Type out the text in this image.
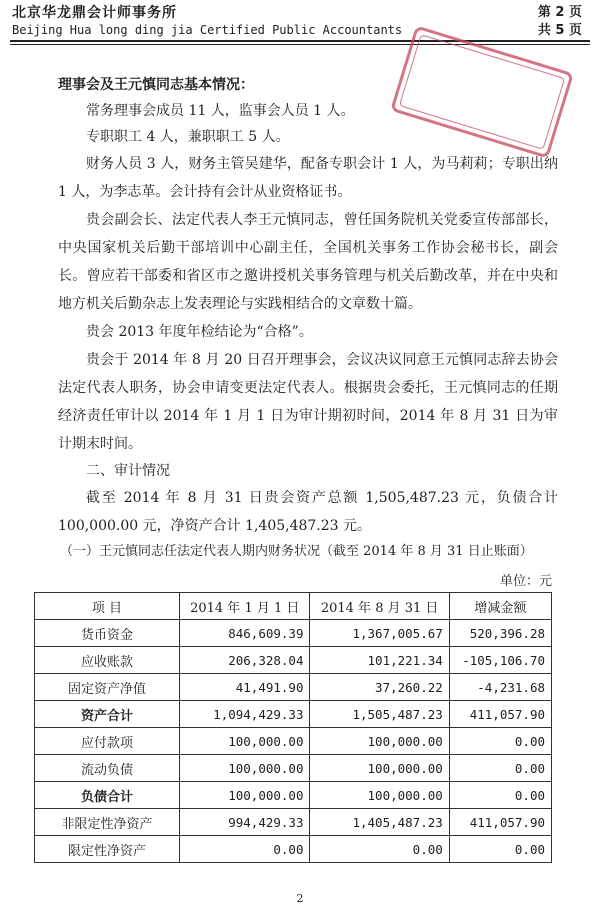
北京华龙鼎会计师事务所
Beijing Hua long ding jia Certified Public Accountants
第 2 页
共 5 页
理事会及王元慎同志基本情况：
常务理事会成员 11 人，监事会人员 1 人。
专职职工 4 人，兼职职工 5 人。

财务人员 3 人，财务主管吴建华，配备专职会计 1 人，为马莉莉；专职出纳 1 人，为李志革。会计持有会计从业资格证书。

贵会副会长、法定代表人李王元慎同志，曾任国务院机关党委宣传部部长，中央国家机关后勤干部培训中心副主任，全国机关事务工作协会秘书长，副会长。曾应若干部委和省区市之邀讲授机关事务管理与机关后勤改革，并在中央和地方机关后勤杂志上发表理论与实践相结合的文章数十篇。

贵会 2013 年度年检结论为“合格”。

贵会于 2014 年 8 月 20 日召开理事会，会议决议同意王元慎同志辞去协会法定代表人职务，协会申请变更法定代表人。根据贵会委托，王元慎同志的任期经济责任审计以 2014 年 1 月 1 日为审计期初时间，2014 年 8 月 31 日为审计期末时间。

二、审计情况

截至 2014 年 8 月 31 日贵会资产总额 1,505,487.23 元，负债合计 100,000.00 元，净资产合计 1,405,487.23 元。

（一）王元慎同志任法定代表人期内财务状况（截至 2014 年 8 月 31 日止账面）
单位：元
项 目	2014 年 1 月 1 日	2014 年 8 月 31 日	增减金额
货币资金	846,609.39	1,367,005.67	520,396.28
应收账款	206,328.04	101,221.34	-105,106.70
固定资产净值	41,491.90	37,260.22	-4,231.68
资产合计	1,094,429.33	1,505,487.23	411,057.90
应付款项	100,000.00	100,000.00	0.00
流动负债	100,000.00	100,000.00	0.00
负债合计	100,000.00	100,000.00	0.00
非限定性净资产	994,429.33	1,405,487.23	411,057.90
限定性净资产	0.00	0.00	0.00
2
